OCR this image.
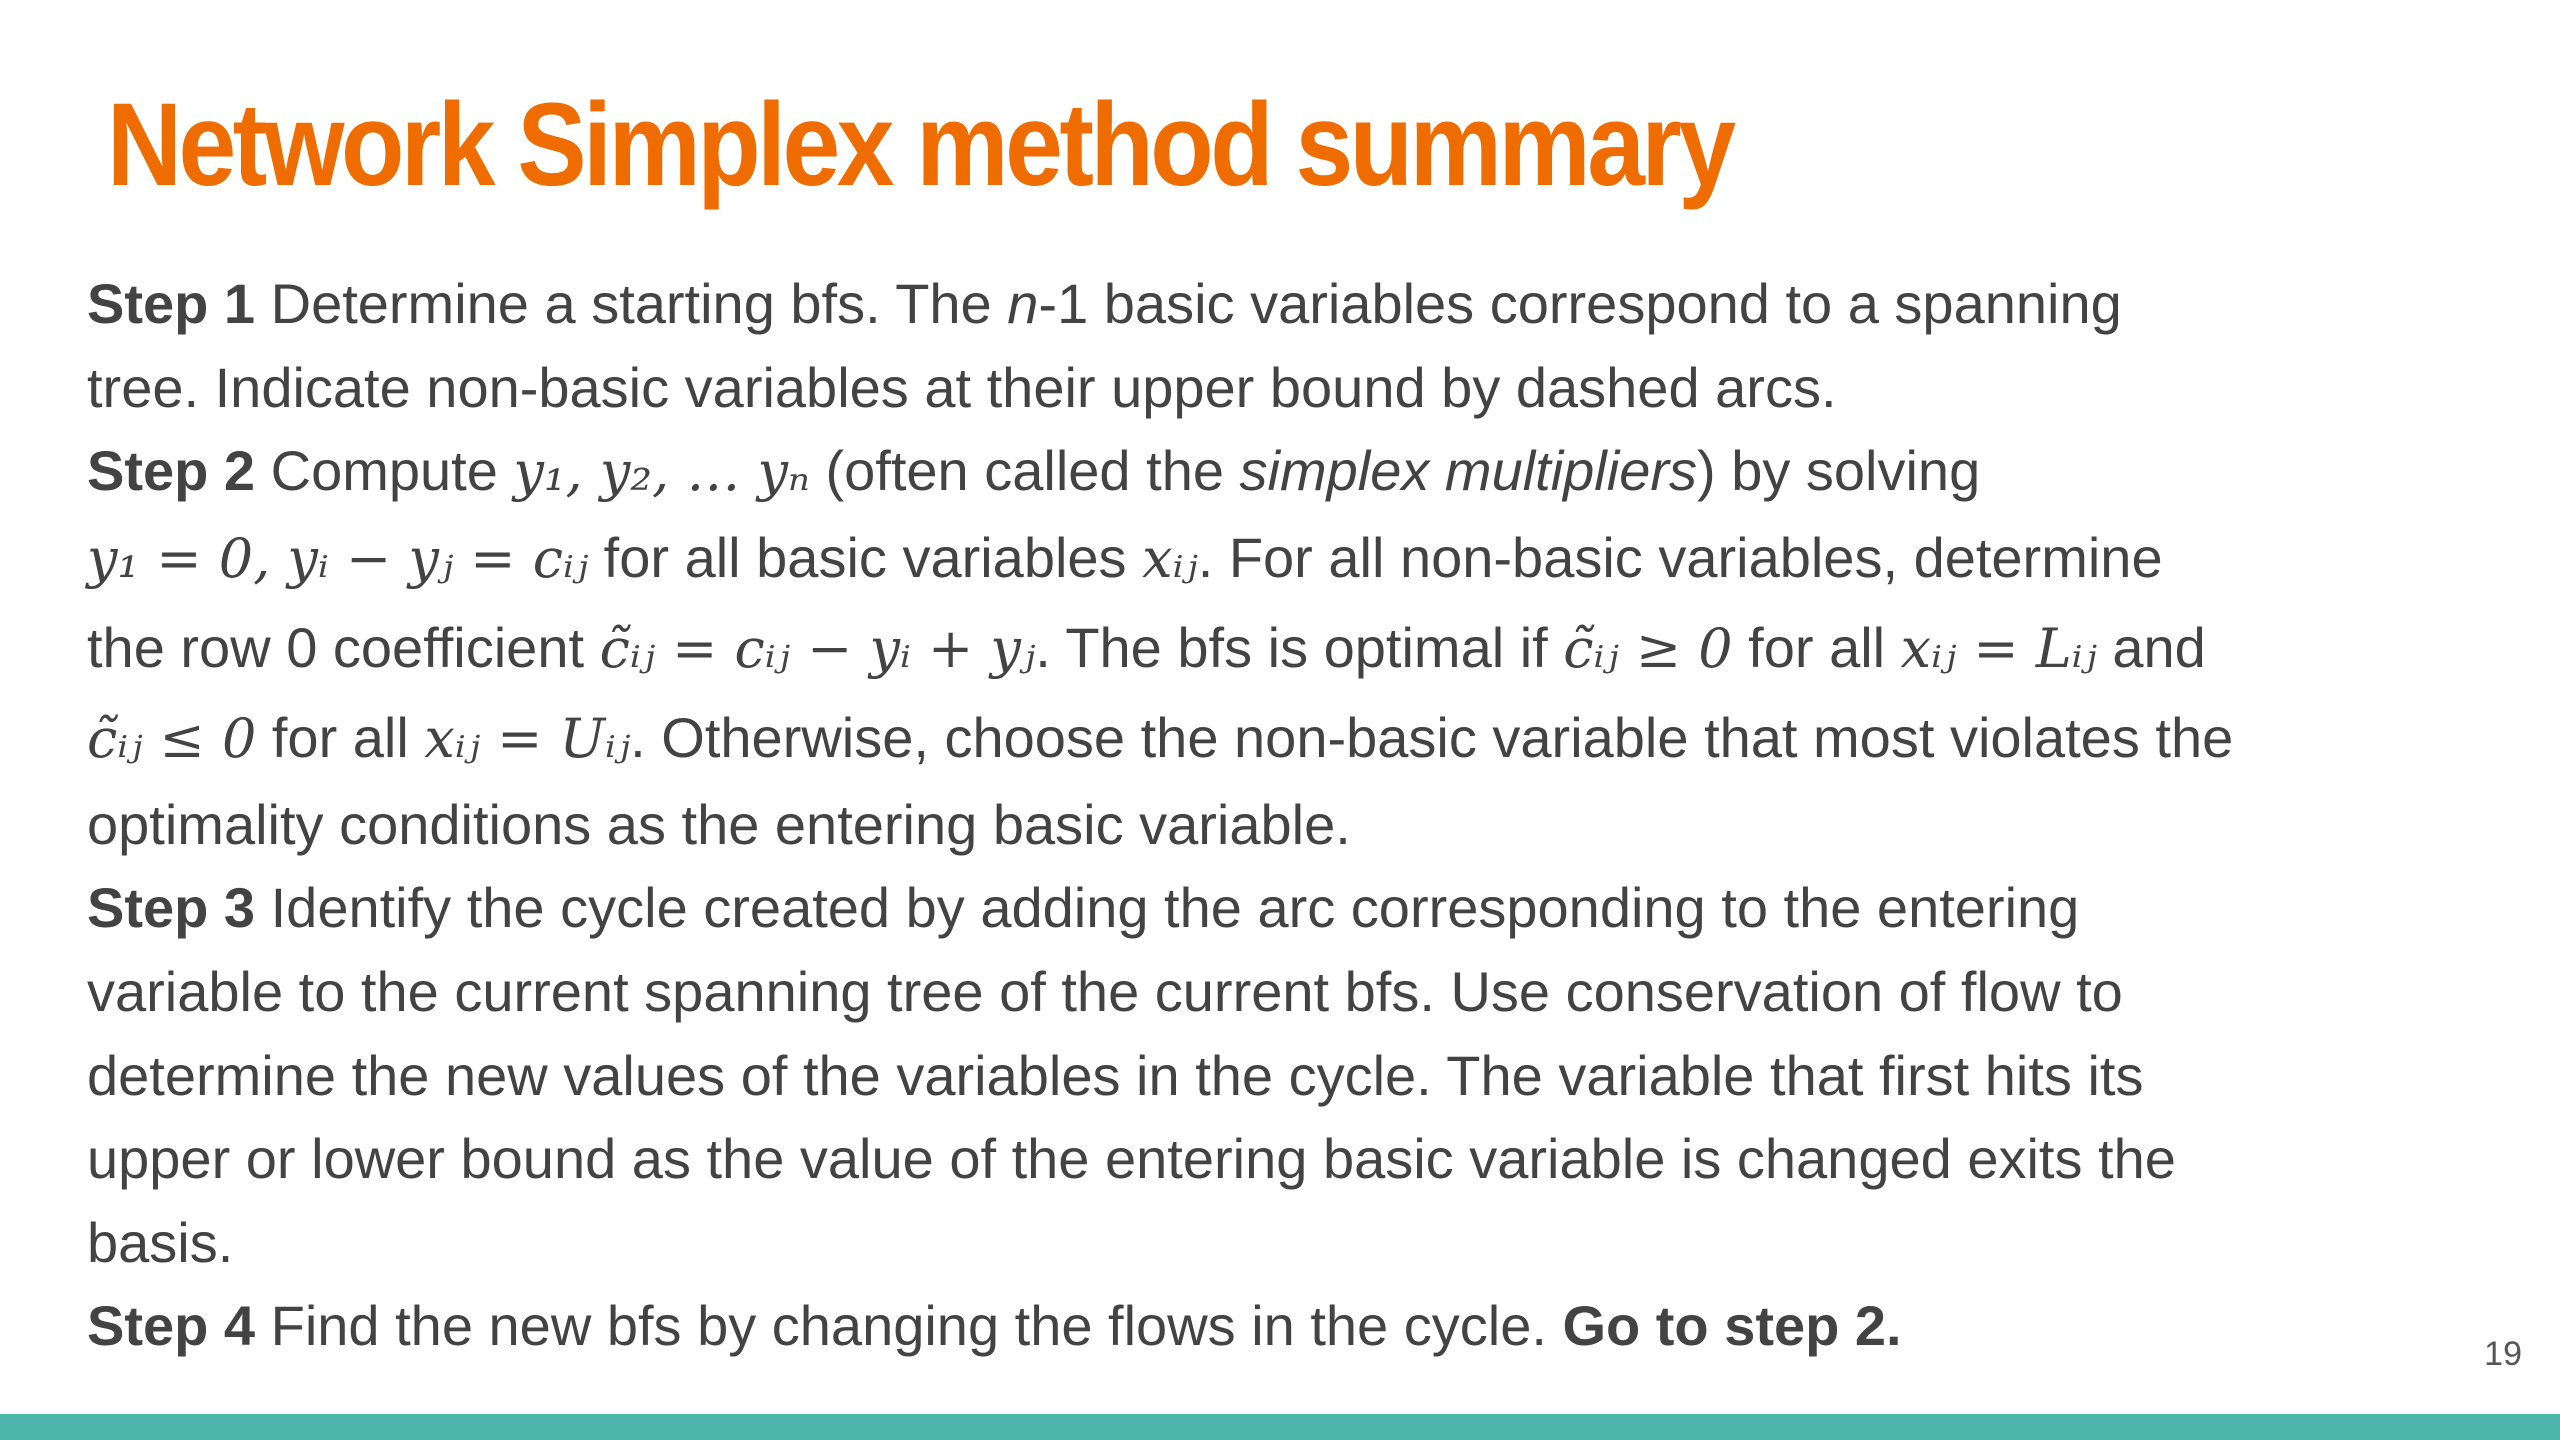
Network Simplex method summary
Step 1 Determine a starting bfs. The n-1 basic variables correspond to a spanning
tree. Indicate non-basic variables at their upper bound by dashed arcs.
Step 2 Compute y₁, y₂, … yₙ (often called the simplex multipliers) by solving
y₁ = 0, yᵢ − yⱼ = cᵢⱼ for all basic variables xᵢⱼ. For all non-basic variables, determine
the row 0 coefficient c̃ᵢⱼ = cᵢⱼ − yᵢ + yⱼ. The bfs is optimal if c̃ᵢⱼ ≥ 0 for all xᵢⱼ = Lᵢⱼ and
c̃ᵢⱼ ≤ 0 for all xᵢⱼ = Uᵢⱼ. Otherwise, choose the non-basic variable that most violates the
optimality conditions as the entering basic variable.
Step 3 Identify the cycle created by adding the arc corresponding to the entering
variable to the current spanning tree of the current bfs. Use conservation of flow to
determine the new values of the variables in the cycle. The variable that first hits its
upper or lower bound as the value of the entering basic variable is changed exits the
basis.
Step 4 Find the new bfs by changing the flows in the cycle. Go to step 2.	19
